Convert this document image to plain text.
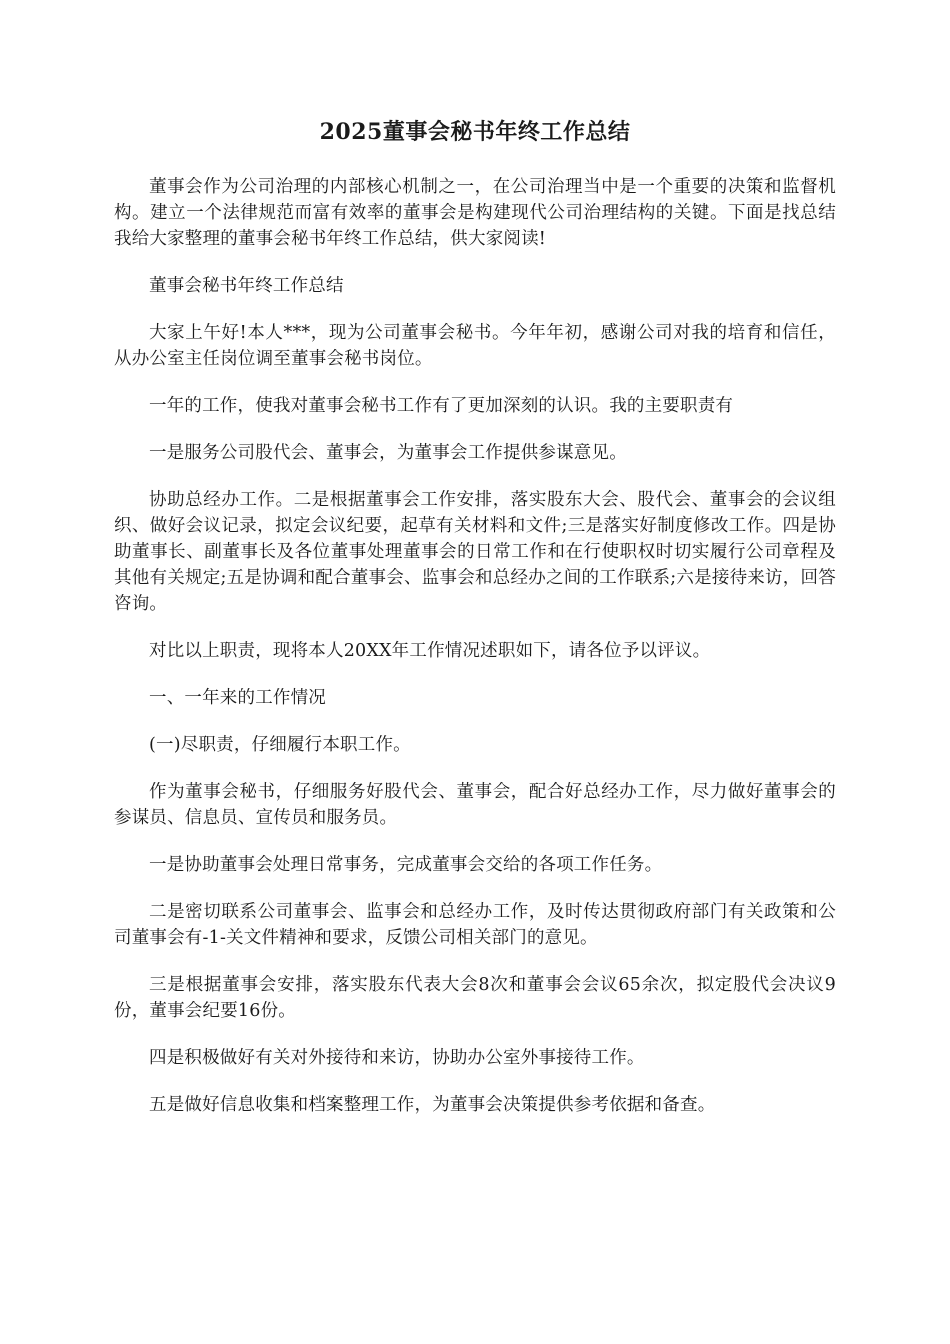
2025董事会秘书年终工作总结

董事会作为公司治理的内部核心机制之一，在公司治理当中是一个重要的决策和监督机构。建立一个法律规范而富有效率的董事会是构建现代公司治理结构的关键。下面是找总结我给大家整理的董事会秘书年终工作总结，供大家阅读!

董事会秘书年终工作总结

大家上午好!本人***，现为公司董事会秘书。今年年初，感谢公司对我的培育和信任，从办公室主任岗位调至董事会秘书岗位。

一年的工作，使我对董事会秘书工作有了更加深刻的认识。我的主要职责有

一是服务公司股代会、董事会，为董事会工作提供参谋意见。

协助总经办工作。二是根据董事会工作安排，落实股东大会、股代会、董事会的会议组织、做好会议记录，拟定会议纪要，起草有关材料和文件;三是落实好制度修改工作。四是协助董事长、副董事长及各位董事处理董事会的日常工作和在行使职权时切实履行公司章程及其他有关规定;五是协调和配合董事会、监事会和总经办之间的工作联系;六是接待来访，回答咨询。

对比以上职责，现将本人20XX年工作情况述职如下，请各位予以评议。

一、一年来的工作情况

(一)尽职责，仔细履行本职工作。

作为董事会秘书，仔细服务好股代会、董事会，配合好总经办工作，尽力做好董事会的参谋员、信息员、宣传员和服务员。

一是协助董事会处理日常事务，完成董事会交给的各项工作任务。

二是密切联系公司董事会、监事会和总经办工作，及时传达贯彻政府部门有关政策和公司董事会有-1-关文件精神和要求，反馈公司相关部门的意见。

三是根据董事会安排，落实股东代表大会8次和董事会会议65余次，拟定股代会决议9份，董事会纪要16份。

四是积极做好有关对外接待和来访，协助办公室外事接待工作。

五是做好信息收集和档案整理工作，为董事会决策提供参考依据和备查。
